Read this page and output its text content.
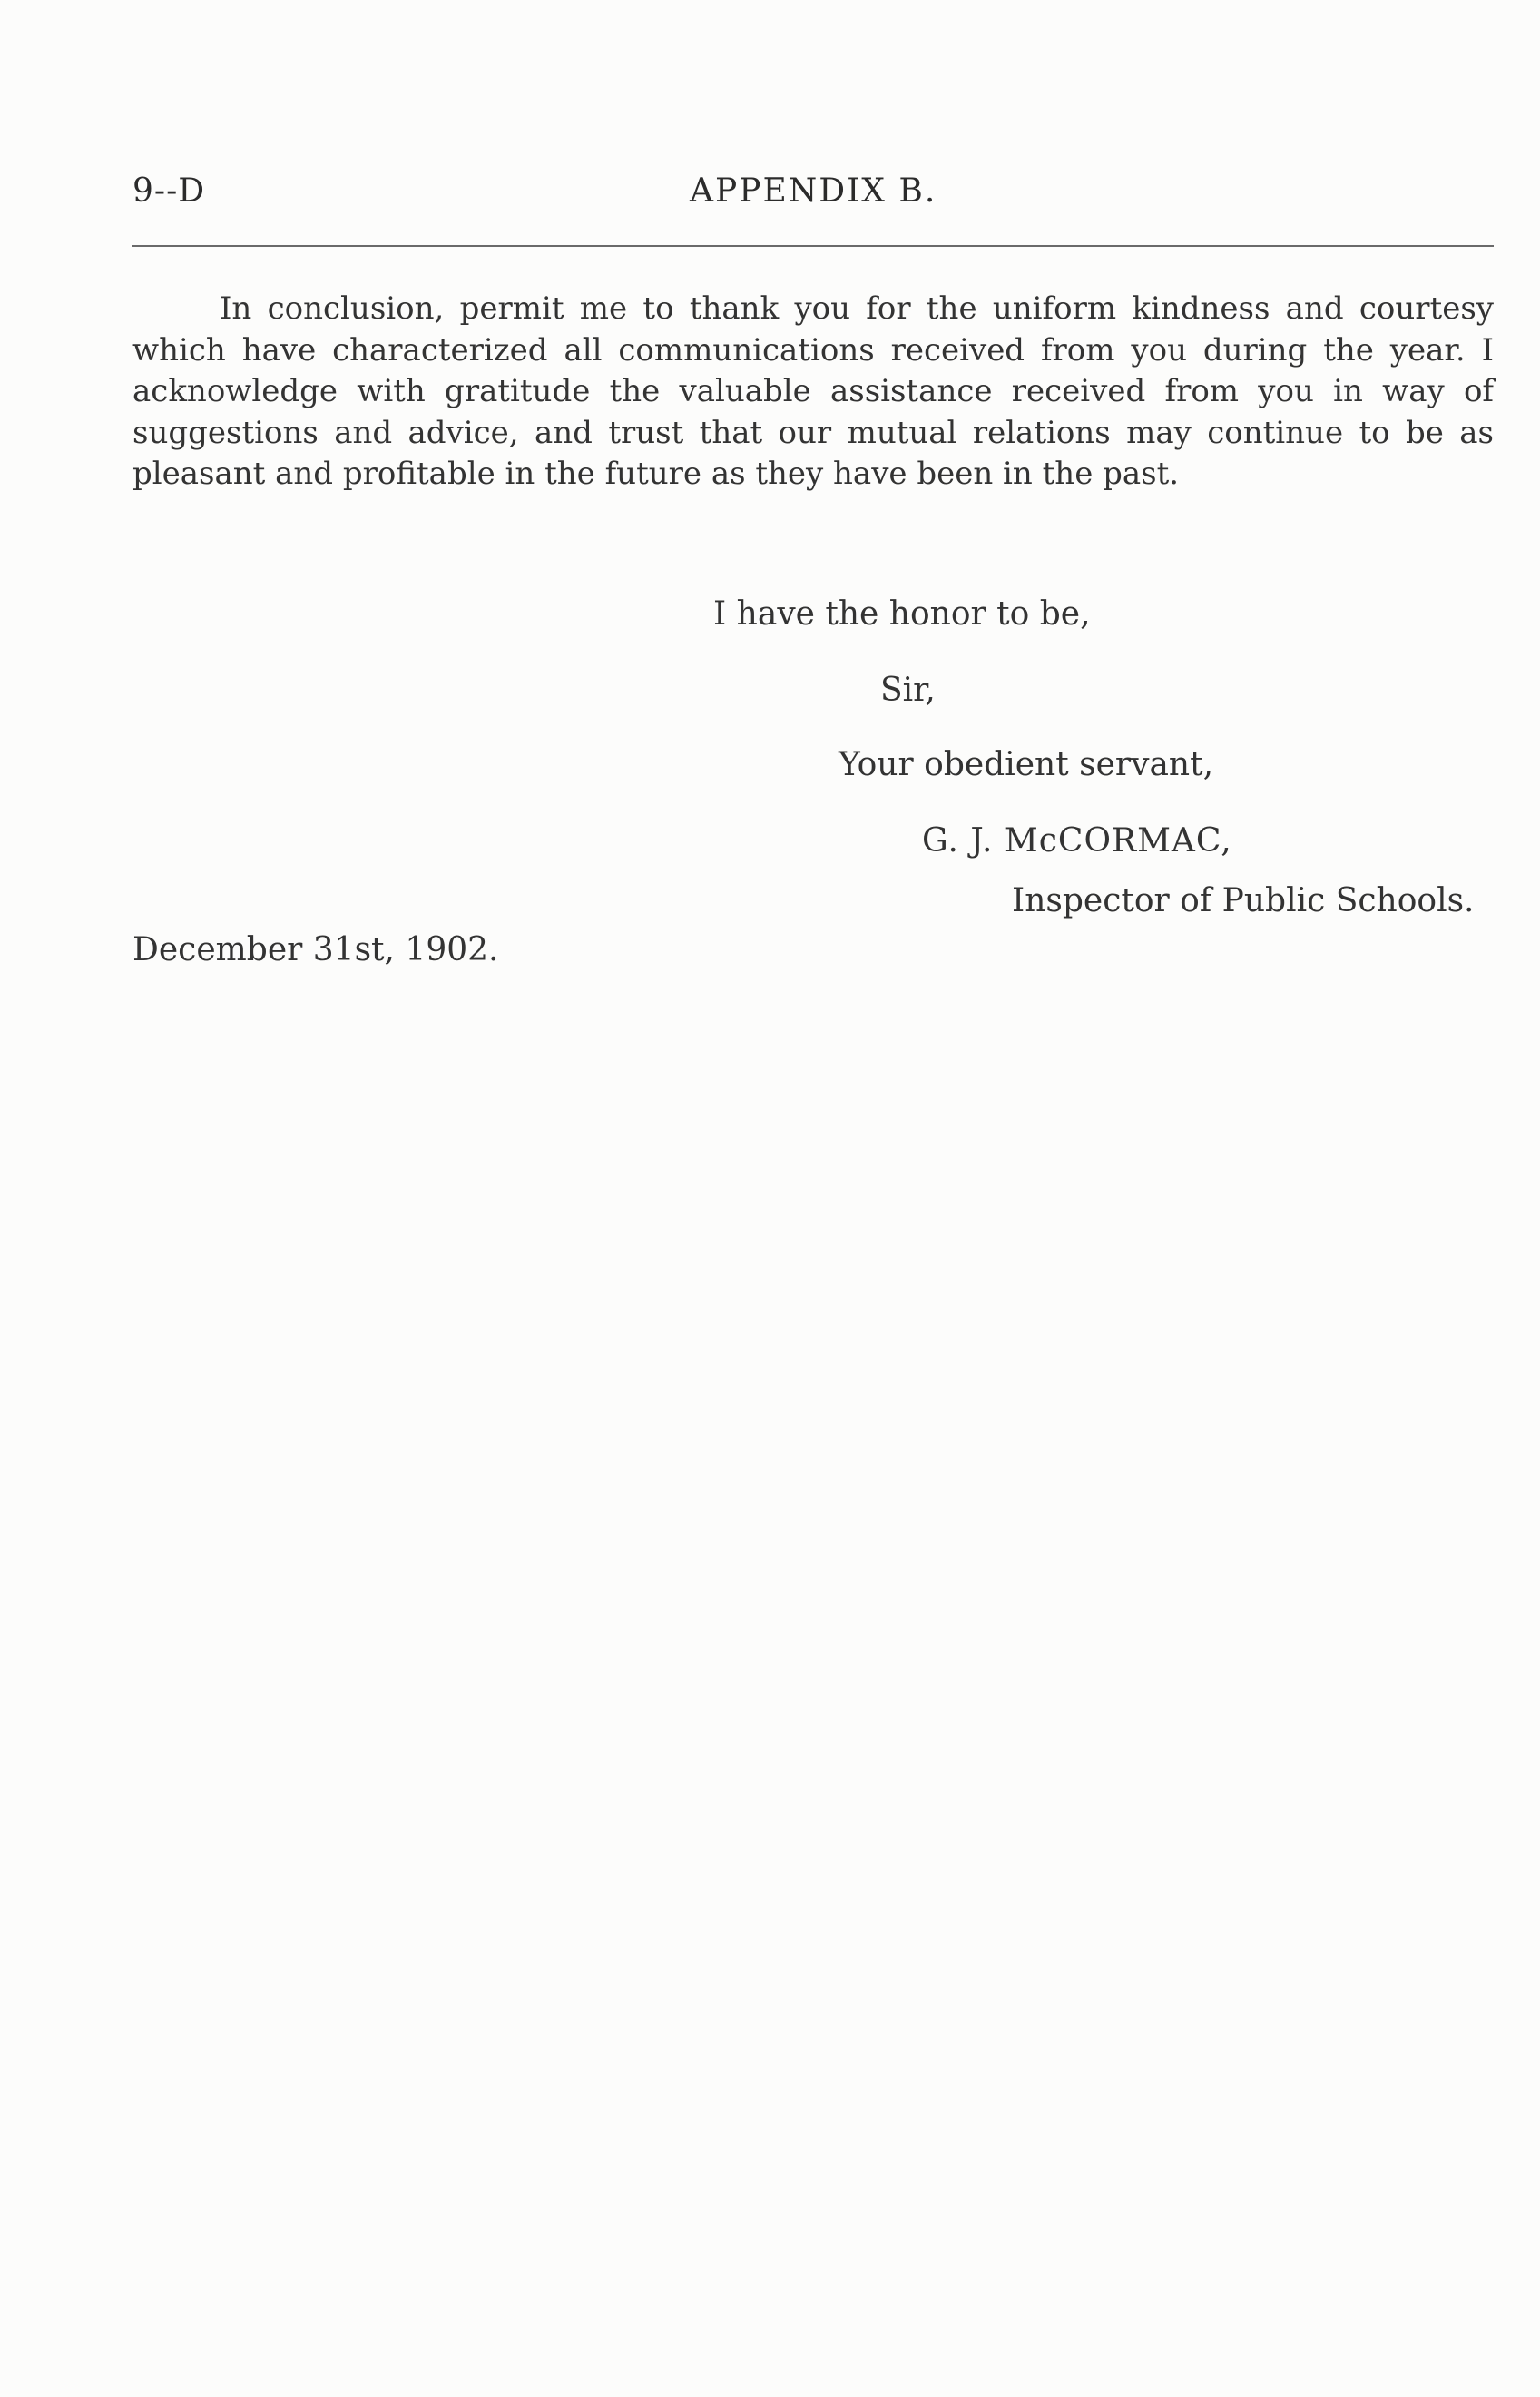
9--D	APPENDIX B.

In conclusion, permit me to thank you for the uniform kindness and courtesy which have characterized all communications received from you during the year. I acknowledge with gratitude the valuable assistance received from you in way of suggestions and advice, and trust that our mutual relations may continue to be as pleasant and profitable in the future as they have been in the past.

I have the honor to be,
Sir,
Your obedient servant,
G. J. McCORMAC,
Inspector of Public Schools.
December 31st, 1902.
